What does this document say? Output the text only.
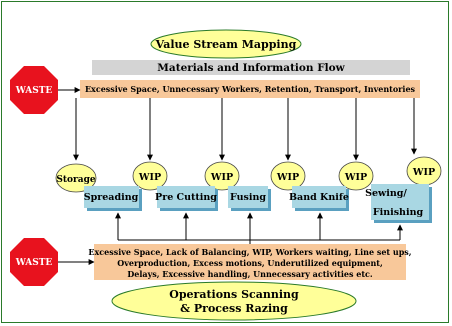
Value Stream Mapping
Materials and Information Flow
WASTE	Excessive Space, Unnecessary Workers, Retention, Transport, Inventories
Storage	WIP	WIP	WIP	WIP	WIP
Spreading Pre Cutting Fusing Band Knife Sewing/
Finishing
WASTE
Excessive Space, Lack of Balancing, WIP, Workers waiting, Line set ups,
Overproduction, Excess motions, Underutilized equipment,
Delays, Excessive handling, Unnecessary activities etc.
Operations Scanning
& Process Razing
